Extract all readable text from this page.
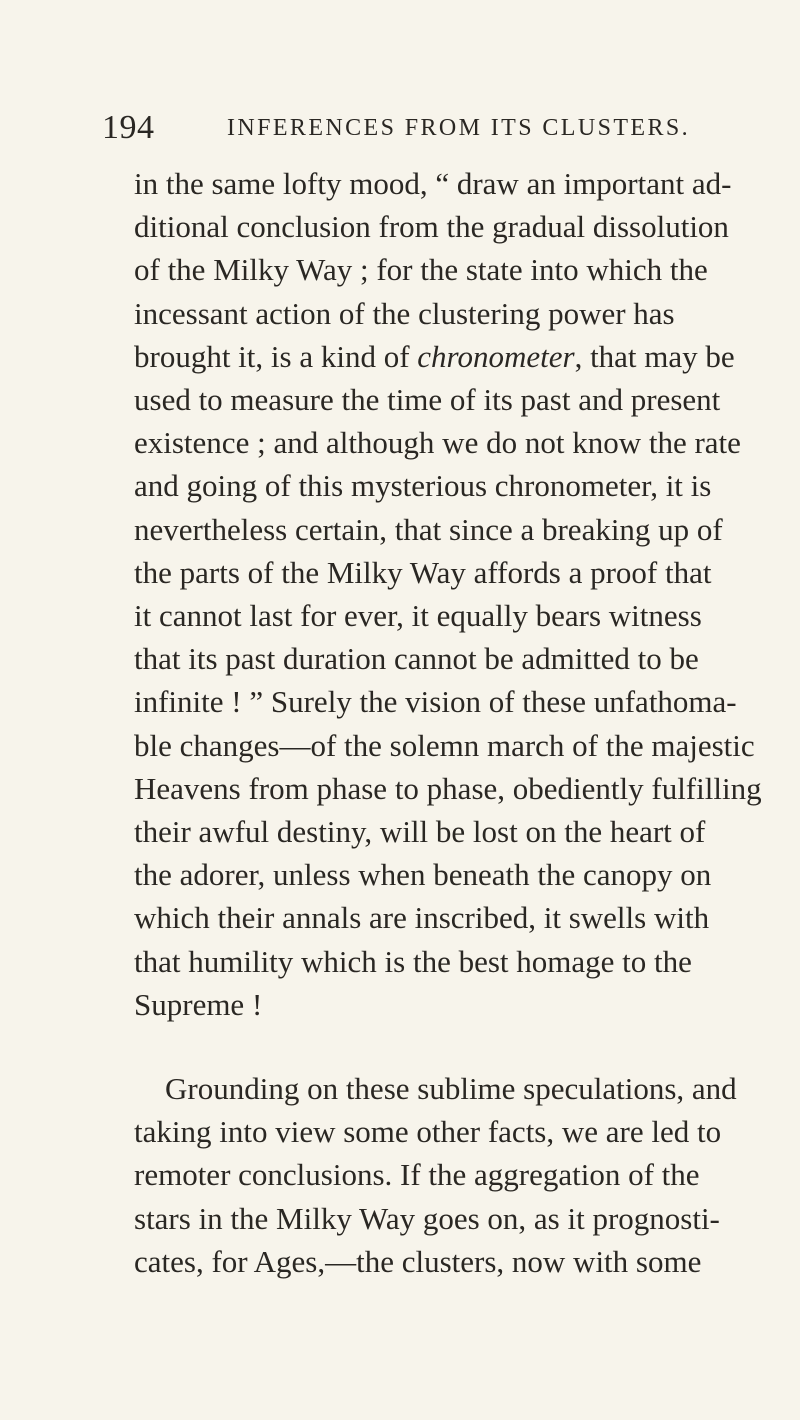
194	INFERENCES FROM ITS CLUSTERS.

in the same lofty mood, “ draw an important ad-
ditional conclusion from the gradual dissolution
of the Milky Way ; for the state into which the
incessant action of the clustering power has
brought it, is a kind of chronometer, that may be
used to measure the time of its past and present
existence ; and although we do not know the rate
and going of this mysterious chronometer, it is
nevertheless certain, that since a breaking up of
the parts of the Milky Way affords a proof that
it cannot last for ever, it equally bears witness
that its past duration cannot be admitted to be
infinite ! ” Surely the vision of these unfathoma-
ble changes—of the solemn march of the majestic
Heavens from phase to phase, obediently fulfilling
their awful destiny, will be lost on the heart of
the adorer, unless when beneath the canopy on
which their annals are inscribed, it swells with
that humility which is the best homage to the
Supreme !

Grounding on these sublime speculations, and
taking into view some other facts, we are led to
remoter conclusions. If the aggregation of the
stars in the Milky Way goes on, as it prognosti-
cates, for Ages,—the clusters, now with some
